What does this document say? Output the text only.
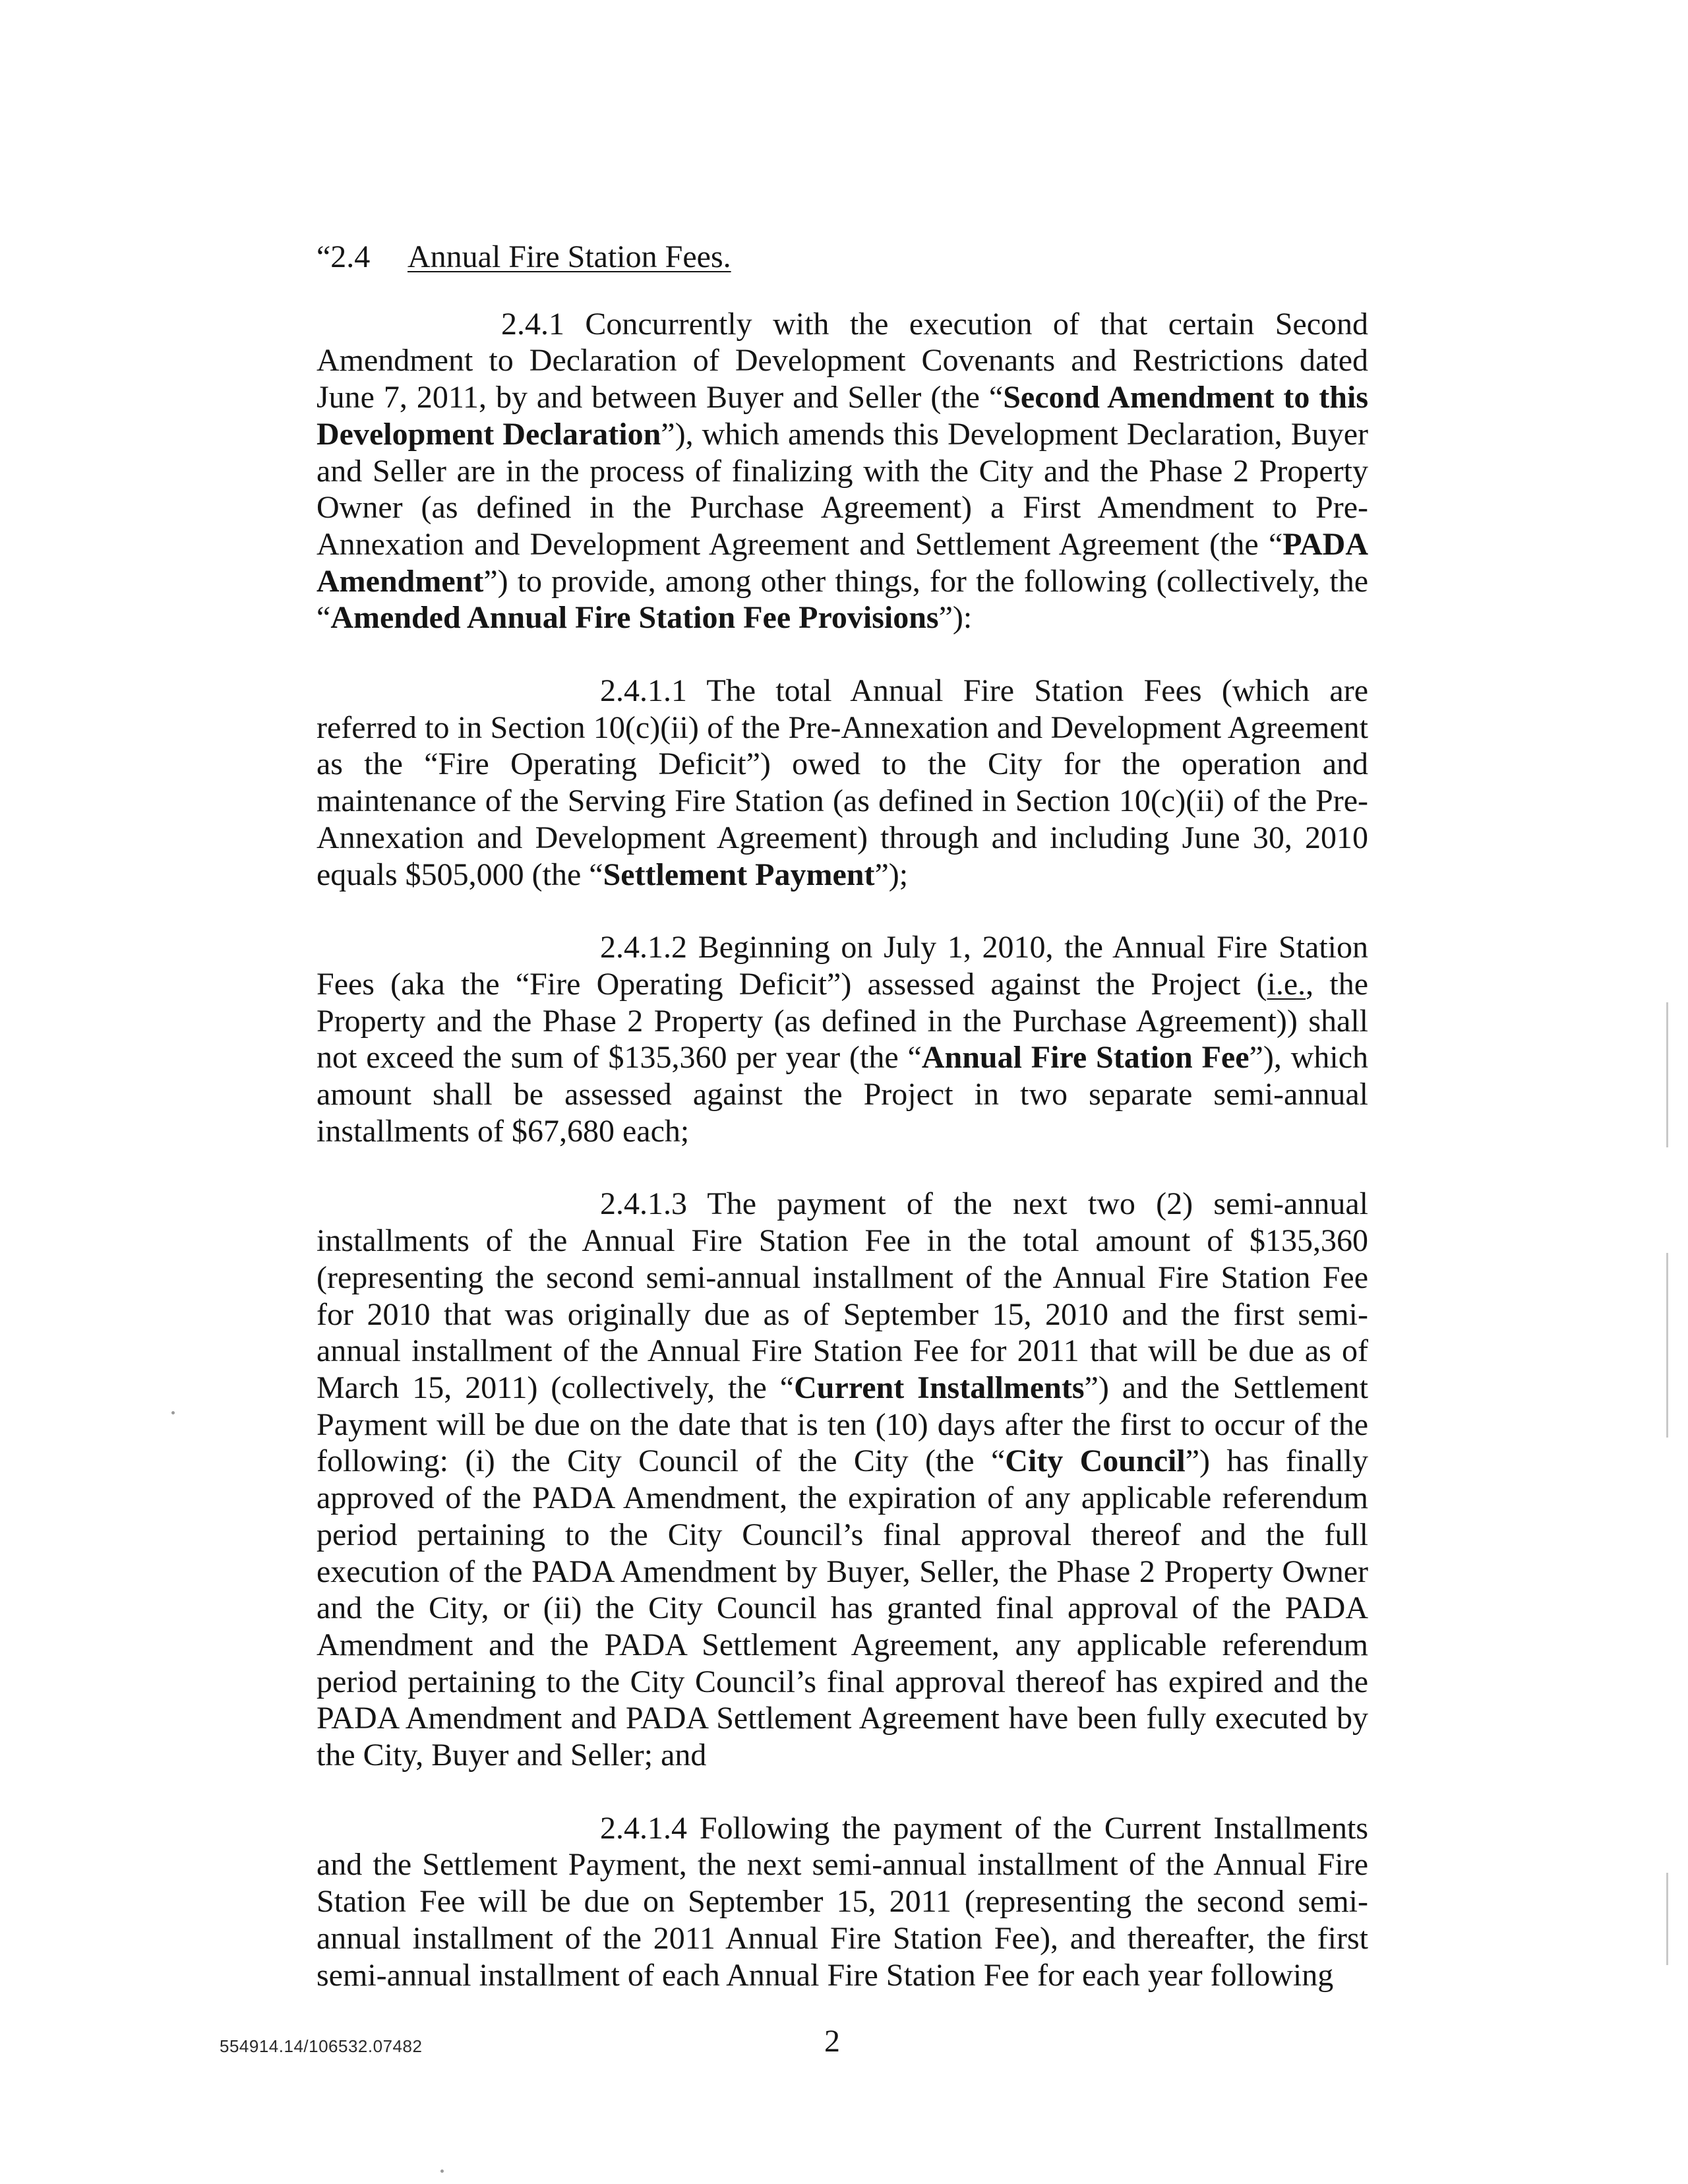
“2.4 Annual Fire Station Fees.

2.4.1 Concurrently with the execution of that certain Second Amendment to Declaration of Development Covenants and Restrictions dated June 7, 2011, by and between Buyer and Seller (the “Second Amendment to this Development Declaration”), which amends this Development Declaration, Buyer and Seller are in the process of finalizing with the City and the Phase 2 Property Owner (as defined in the Purchase Agreement) a First Amendment to Pre-Annexation and Development Agreement and Settlement Agreement (the “PADA Amendment”) to provide, among other things, for the following (collectively, the “Amended Annual Fire Station Fee Provisions”):

2.4.1.1 The total Annual Fire Station Fees (which are referred to in Section 10(c)(ii) of the Pre-Annexation and Development Agreement as the “Fire Operating Deficit”) owed to the City for the operation and maintenance of the Serving Fire Station (as defined in Section 10(c)(ii) of the Pre-Annexation and Development Agreement) through and including June 30, 2010 equals $505,000 (the “Settlement Payment”);

2.4.1.2 Beginning on July 1, 2010, the Annual Fire Station Fees (aka the “Fire Operating Deficit”) assessed against the Project (i.e., the Property and the Phase 2 Property (as defined in the Purchase Agreement)) shall not exceed the sum of $135,360 per year (the “Annual Fire Station Fee”), which amount shall be assessed against the Project in two separate semi-annual installments of $67,680 each;

2.4.1.3 The payment of the next two (2) semi-annual installments of the Annual Fire Station Fee in the total amount of $135,360 (representing the second semi-annual installment of the Annual Fire Station Fee for 2010 that was originally due as of September 15, 2010 and the first semi-annual installment of the Annual Fire Station Fee for 2011 that will be due as of March 15, 2011) (collectively, the “Current Installments”) and the Settlement Payment will be due on the date that is ten (10) days after the first to occur of the following: (i) the City Council of the City (the “City Council”) has finally approved of the PADA Amendment, the expiration of any applicable referendum period pertaining to the City Council’s final approval thereof and the full execution of the PADA Amendment by Buyer, Seller, the Phase 2 Property Owner and the City, or (ii) the City Council has granted final approval of the PADA Amendment and the PADA Settlement Agreement, any applicable referendum period pertaining to the City Council’s final approval thereof has expired and the PADA Amendment and PADA Settlement Agreement have been fully executed by the City, Buyer and Seller; and

2.4.1.4 Following the payment of the Current Installments and the Settlement Payment, the next semi-annual installment of the Annual Fire Station Fee will be due on September 15, 2011 (representing the second semi-annual installment of the 2011 Annual Fire Station Fee), and thereafter, the first semi-annual installment of each Annual Fire Station Fee for each year following

554914.14/106532.07482	2
